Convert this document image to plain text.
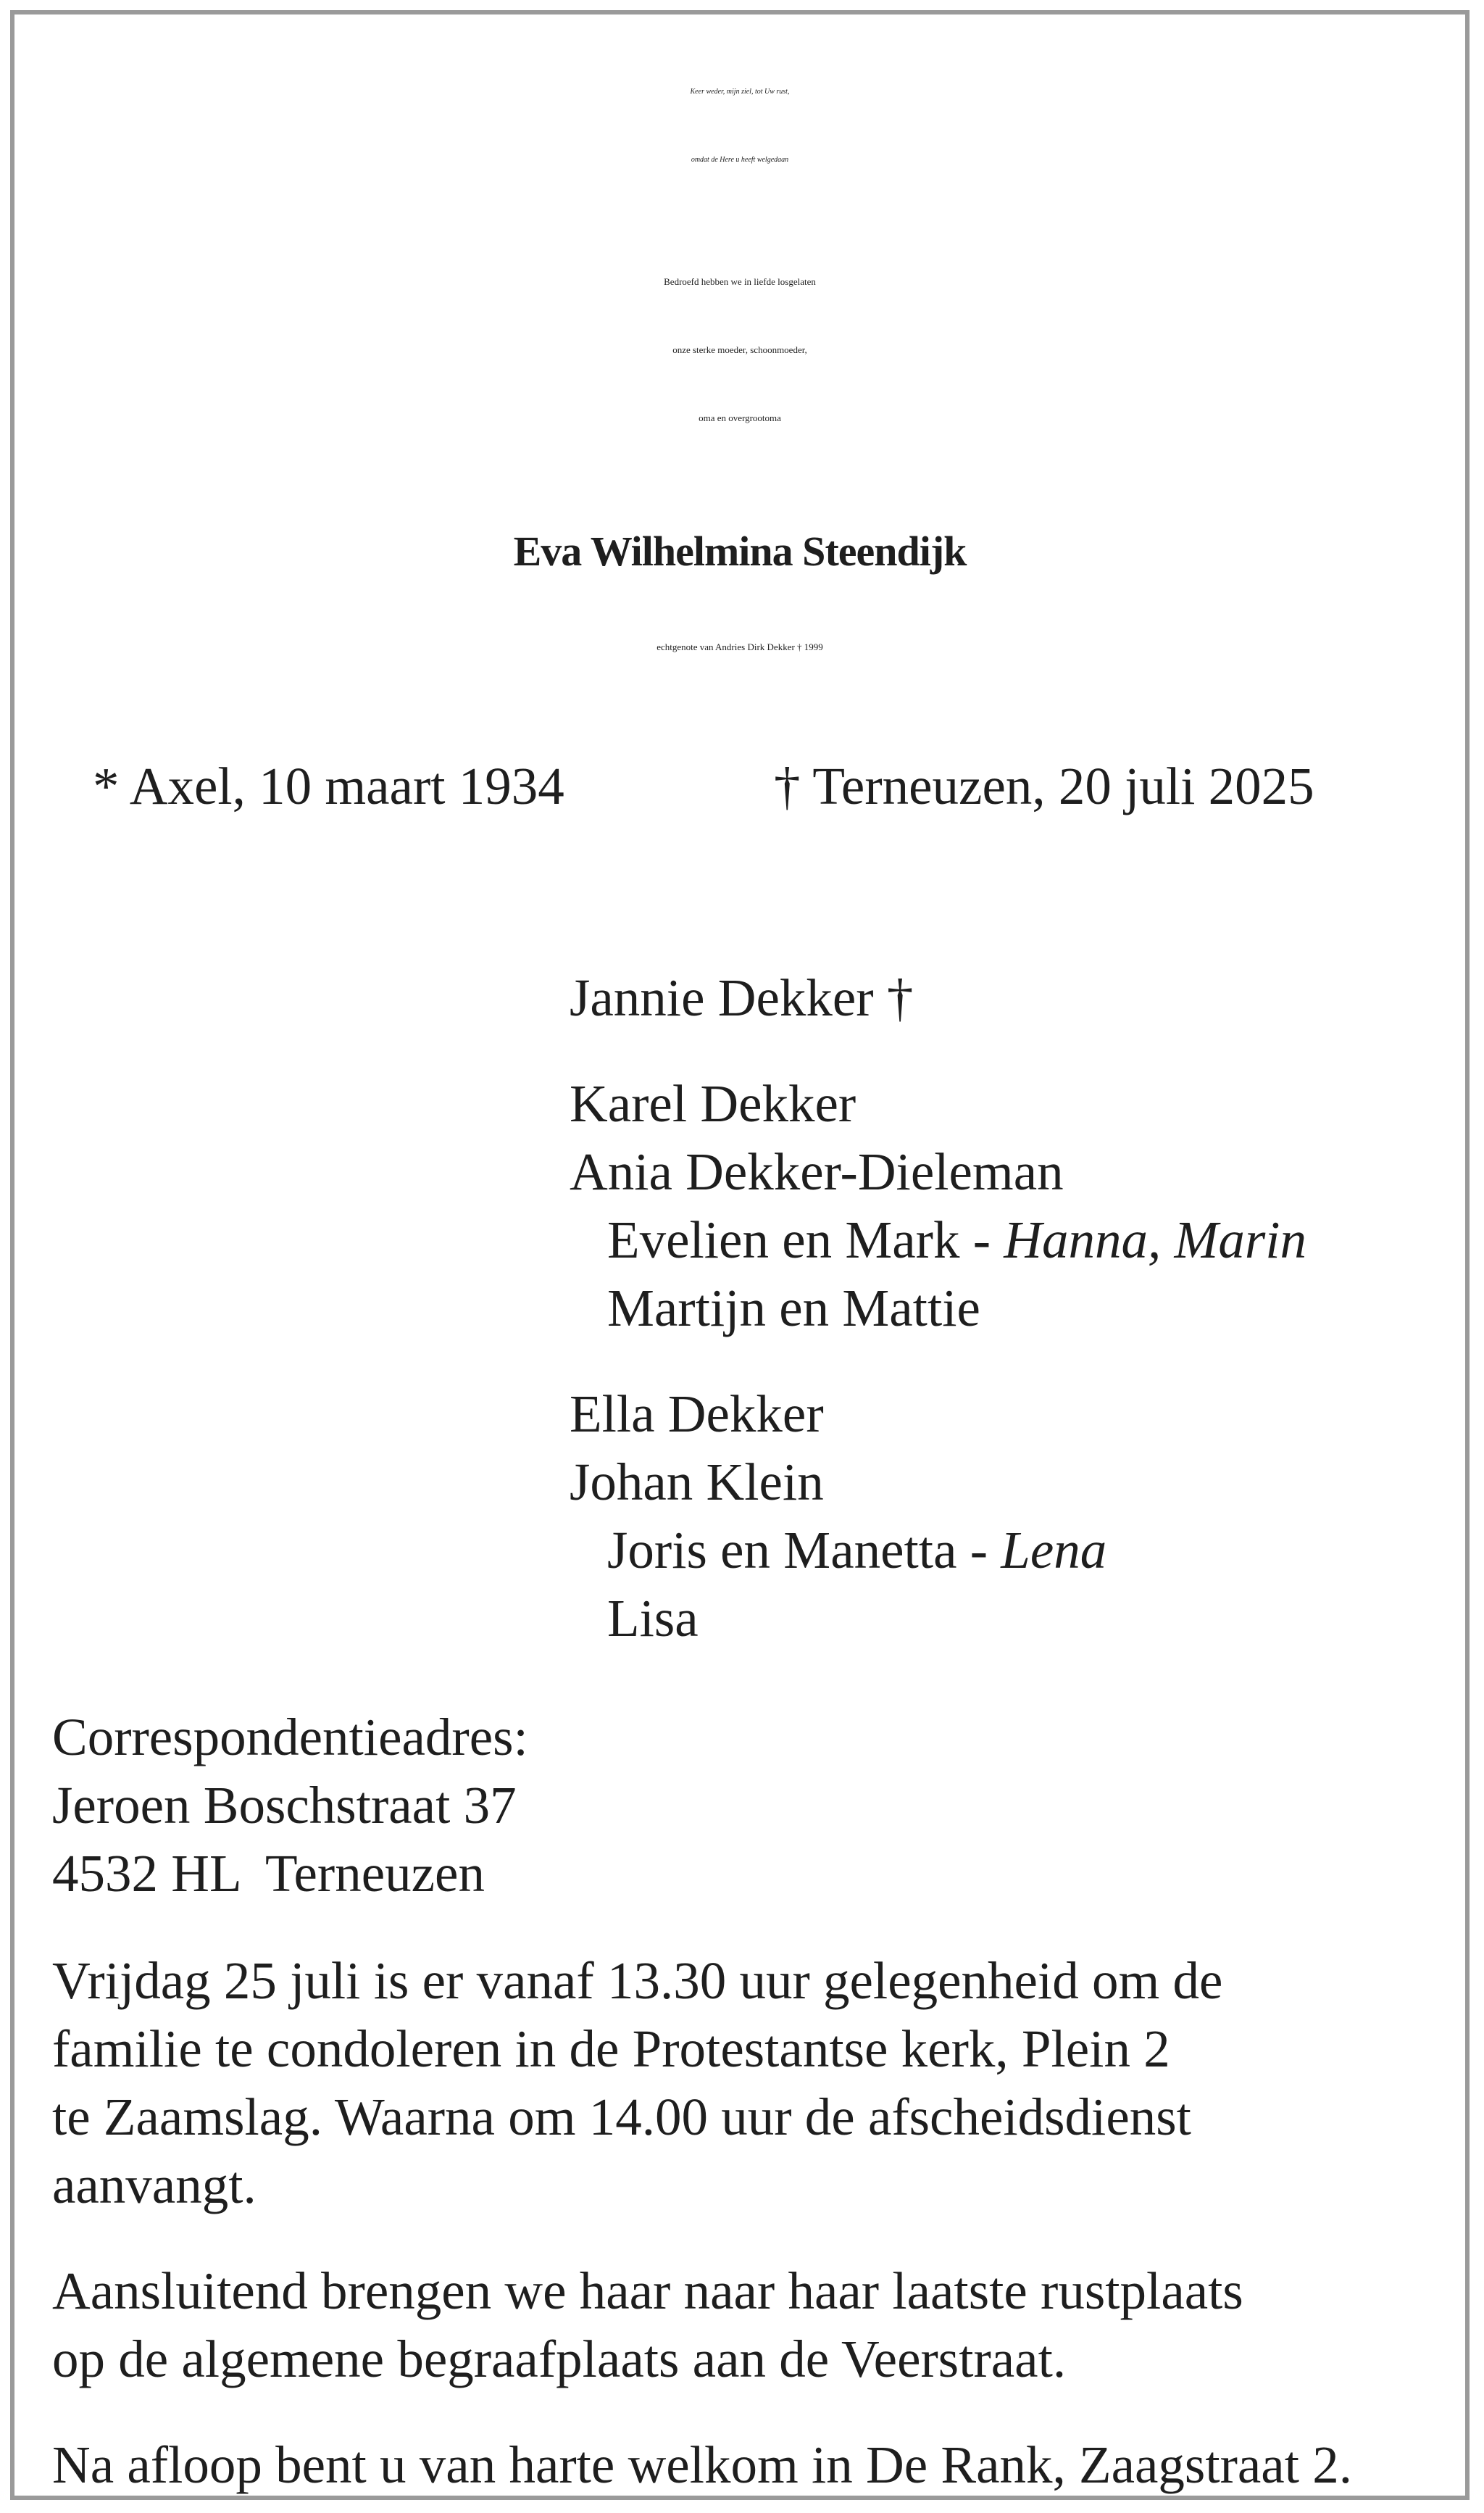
Keer weder, mijn ziel, tot Uw rust,
omdat de Here u heeft welgedaan
Bedroefd hebben we in liefde losgelaten
onze sterke moeder, schoonmoeder,
oma en overgrootoma
Eva Wilhelmina Steendijk
echtgenote van Andries Dirk Dekker † 1999
* Axel, 10 maart 1934	† Terneuzen, 20 juli 2025
Jannie Dekker †
Karel Dekker
Ania Dekker-Dieleman
Evelien en Mark - Hanna, Marin
Martijn en Mattie
Ella Dekker
Johan Klein
Joris en Manetta - Lena
Lisa
Correspondentieadres:
Jeroen Boschstraat 37
4532 HL  Terneuzen
Vrijdag 25 juli is er vanaf 13.30 uur gelegenheid om de
familie te condoleren in de Protestantse kerk, Plein 2
te Zaamslag. Waarna om 14.00 uur de afscheidsdienst
aanvangt.
Aansluitend brengen we haar naar haar laatste rustplaats
op de algemene begraafplaats aan de Veerstraat.
Na afloop bent u van harte welkom in De Rank, Zaagstraat 2.
